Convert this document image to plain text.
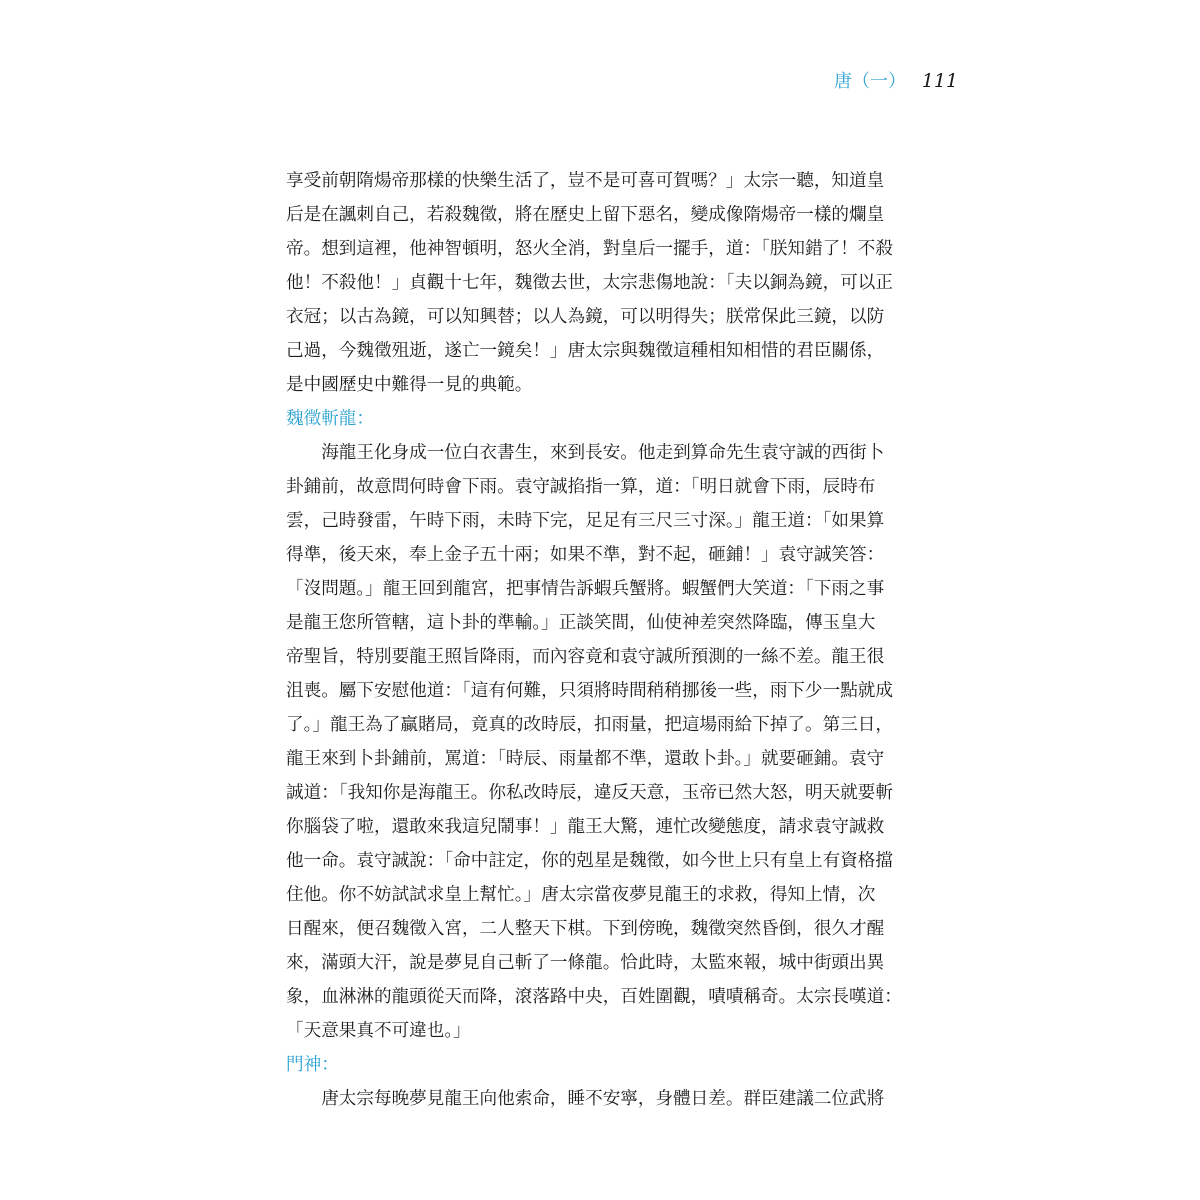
唐（一） 111
享受前朝隋煬帝那樣的快樂生活了，豈不是可喜可賀嗎？」太宗一聽，知道皇
后是在諷刺自己，若殺魏徵，將在歷史上留下惡名，變成像隋煬帝一樣的爛皇
帝。想到這裡，他神智頓明，怒火全消，對皇后一擺手，道：「朕知錯了！不殺
他！不殺他！」貞觀十七年，魏徵去世，太宗悲傷地說：「夫以銅為鏡，可以正
衣冠；以古為鏡，可以知興替；以人為鏡，可以明得失；朕常保此三鏡，以防
己過，今魏徵殂逝，遂亡一鏡矣！」唐太宗與魏徵這種相知相惜的君臣關係，
是中國歷史中難得一見的典範。
魏徵斬龍：
　　海龍王化身成一位白衣書生，來到長安。他走到算命先生袁守誠的西街卜
卦鋪前，故意問何時會下雨。袁守誠掐指一算，道：「明日就會下雨，辰時布
雲，己時發雷，午時下雨，未時下完，足足有三尺三寸深。」龍王道：「如果算
得準，後天來，奉上金子五十兩；如果不準，對不起，砸鋪！」袁守誠笑答：
「沒問題。」龍王回到龍宮，把事情告訴蝦兵蟹將。蝦蟹們大笑道：「下雨之事
是龍王您所管轄，這卜卦的準輸。」正談笑間，仙使神差突然降臨，傳玉皇大
帝聖旨，特別要龍王照旨降雨，而內容竟和袁守誠所預測的一絲不差。龍王很
沮喪。屬下安慰他道：「這有何難，只須將時間稍稍挪後一些，雨下少一點就成
了。」龍王為了贏賭局，竟真的改時辰，扣雨量，把這場雨給下掉了。第三日，
龍王來到卜卦鋪前，罵道：「時辰、雨量都不準，還敢卜卦。」就要砸鋪。袁守
誠道：「我知你是海龍王。你私改時辰，違反天意，玉帝已然大怒，明天就要斬
你腦袋了啦，還敢來我這兒鬧事！」龍王大驚，連忙改變態度，請求袁守誠救
他一命。袁守誠說：「命中註定，你的剋星是魏徵，如今世上只有皇上有資格擋
住他。你不妨試試求皇上幫忙。」唐太宗當夜夢見龍王的求救，得知上情，次
日醒來，便召魏徵入宮，二人整天下棋。下到傍晚，魏徵突然昏倒，很久才醒
來，滿頭大汗，說是夢見自己斬了一條龍。恰此時，太監來報，城中街頭出異
象，血淋淋的龍頭從天而降，滾落路中央，百姓圍觀，嘖嘖稱奇。太宗長嘆道：
「天意果真不可違也。」
門神：
　　唐太宗每晚夢見龍王向他索命，睡不安寧，身體日差。群臣建議二位武將
